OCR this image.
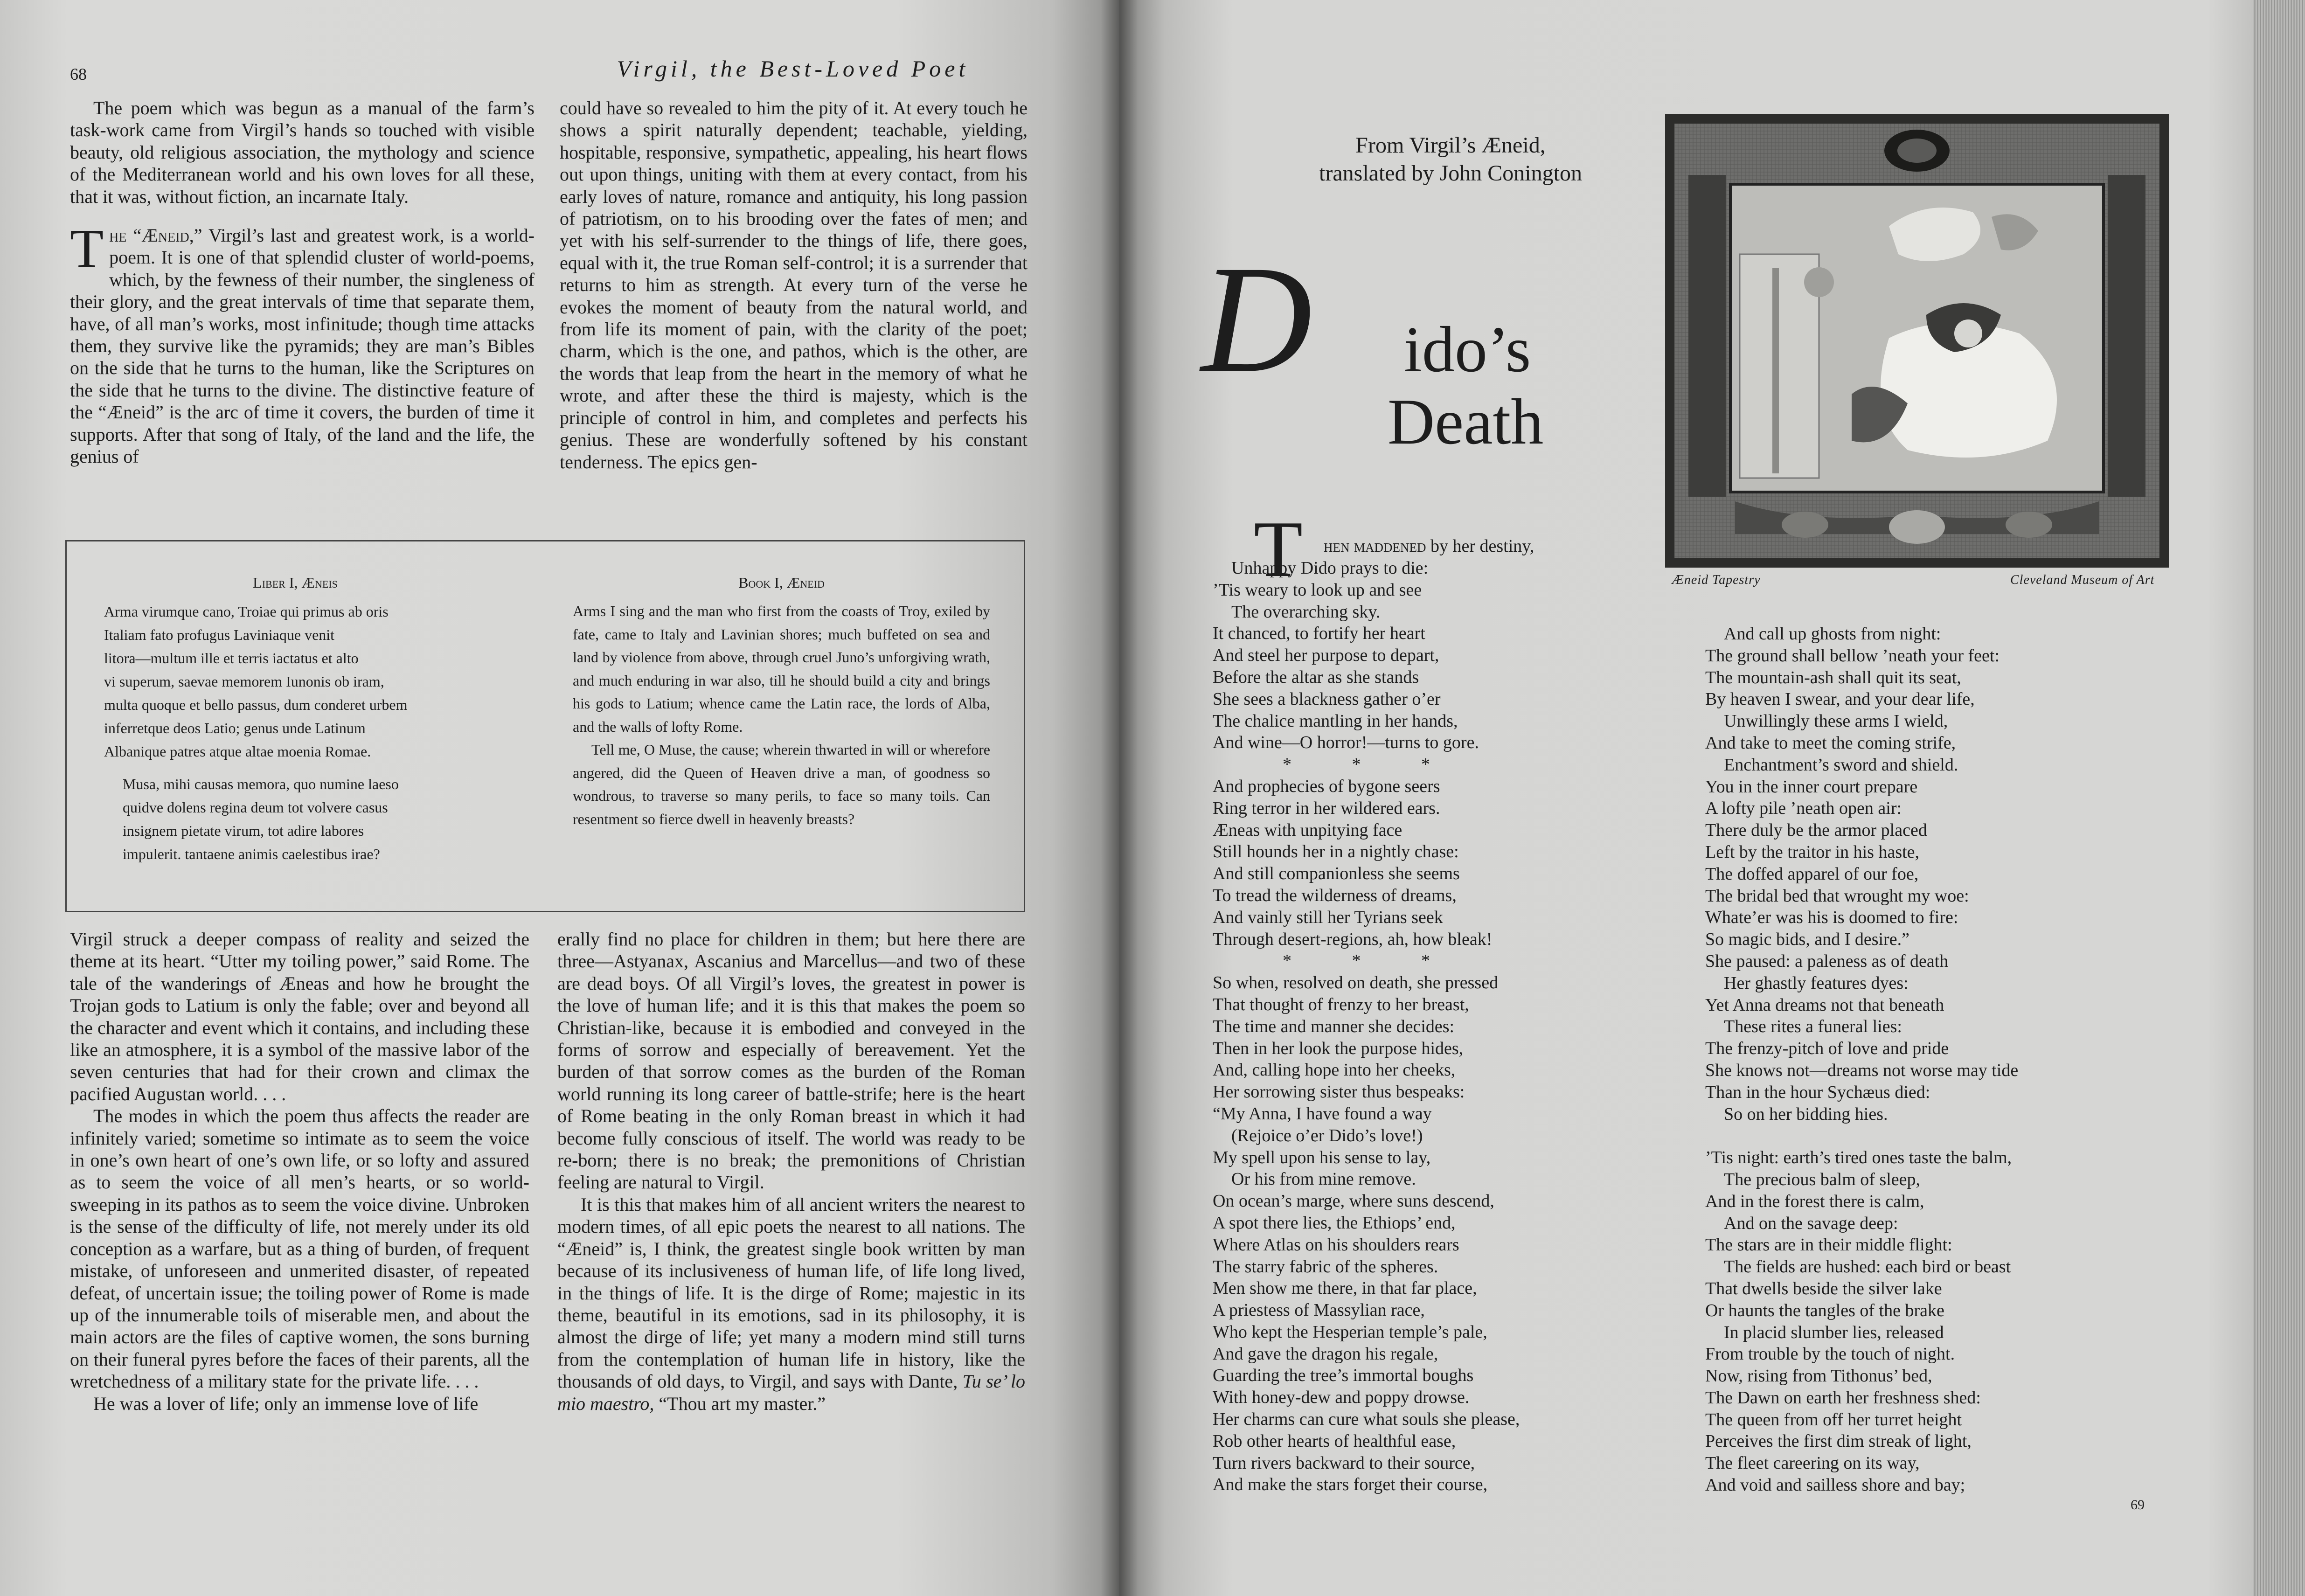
68	Virgil, the Best-Loved Poet

The poem which was begun as a manual of the farm’s task-work came from Virgil’s hands so touched with visible beauty, old religious association, the mythology and science of the Mediterranean world and his own loves for all these, that it was, without fiction, an incarnate Italy.

T he “Æneid,” Virgil’s last and greatest work, is a world-poem. It is one of that splendid cluster of world-poems, which, by the fewness of their number, the singleness of their glory, and the great intervals of time that separate them, have, of all man’s works, most infinitude; though time attacks them, they survive like the pyramids; they are man’s Bibles on the side that he turns to the human, like the Scriptures on the side that he turns to the divine. The distinctive feature of the “Æneid” is the arc of time it covers, the burden of time it supports. After that song of Italy, of the land and the life, the genius of

could have so revealed to him the pity of it. At every touch he shows a spirit naturally dependent; teachable, yielding, hospitable, responsive, sympathetic, appealing, his heart flows out upon things, uniting with them at every contact, from his early loves of nature, romance and antiquity, his long passion of patriotism, on to his brooding over the fates of men; and yet with his self-surrender to the things of life, there goes, equal with it, the true Roman self-control; it is a surrender that returns to him as strength. At every turn of the verse he evokes the moment of beauty from the natural world, and from life its moment of pain, with the clarity of the poet; charm, which is the one, and pathos, which is the other, are the words that leap from the heart in the memory of what he wrote, and after these the third is majesty, which is the principle of control in him, and completes and perfects his genius. These are wonderfully softened by his constant tenderness. The epics gen-

Liber I, Æneis
Arma virumque cano, Troiae qui primus ab oris
Italiam fato profugus Laviniaque venit
litora—multum ille et terris iactatus et alto
vi superum, saevae memorem Iunonis ob iram,
multa quoque et bello passus, dum conderet urbem
inferretque deos Latio; genus unde Latinum
Albanique patres atque altae moenia Romae.
Musa, mihi causas memora, quo numine laeso
quidve dolens regina deum tot volvere casus
insignem pietate virum, tot adire labores
impulerit. tantaene animis caelestibus irae?
Book I, Æneid

Arms I sing and the man who first from the coasts of Troy, exiled by fate, came to Italy and Lavinian shores; much buffeted on sea and land by violence from above, through cruel Juno’s unforgiving wrath, and much enduring in war also, till he should build a city and brings his gods to Latium; whence came the Latin race, the lords of Alba, and the walls of lofty Rome.

Tell me, O Muse, the cause; wherein thwarted in will or wherefore angered, did the Queen of Heaven drive a man, of goodness so wondrous, to traverse so many perils, to face so many toils. Can resentment so fierce dwell in heavenly breasts?

Virgil struck a deeper compass of reality and seized the theme at its heart. “Utter my toiling power,” said Rome. The tale of the wanderings of Æneas and how he brought the Trojan gods to Latium is only the fable; over and beyond all the character and event which it contains, and including these like an atmosphere, it is a symbol of the massive labor of the seven centuries that had for their crown and climax the pacified Augustan world. . . .

The modes in which the poem thus affects the reader are infinitely varied; sometime so intimate as to seem the voice in one’s own heart of one’s own life, or so lofty and assured as to seem the voice of all men’s hearts, or so world-sweeping in its pathos as to seem the voice divine. Unbroken is the sense of the difficulty of life, not merely under its old conception as a warfare, but as a thing of burden, of frequent mistake, of unforeseen and unmerited disaster, of repeated defeat, of uncertain issue; the toiling power of Rome is made up of the innumerable toils of miserable men, and about the main actors are the files of captive women, the sons burning on their funeral pyres before the faces of their parents, all the wretchedness of a military state for the private life. . . .

He was a lover of life; only an immense love of life

erally find no place for children in them; but here there are three—Astyanax, Ascanius and Marcellus—and two of these are dead boys. Of all Virgil’s loves, the greatest in power is the love of human life; and it is this that makes the poem so Christian-like, because it is embodied and conveyed in the forms of sorrow and especially of bereavement. Yet the burden of that sorrow comes as the burden of the Roman world running its long career of battle-strife; here is the heart of Rome beating in the only Roman breast in which it had become fully conscious of itself. The world was ready to be re-born; there is no break; the premonitions of Christian feeling are natural to Virgil.

It is this that makes him of all ancient writers the nearest to modern times, of all epic poets the nearest to all nations. The “Æneid” is, I think, the greatest single book written by man because of its inclusiveness of human life, of life long lived, in the things of life. It is the dirge of Rome; majestic in its theme, beautiful in its emotions, sad in its philosophy, it is almost the dirge of life; yet many a modern mind still turns from the contemplation of human life in history, like the thousands of old days, to Virgil, and says with Dante, Tu se’ lo mio maestro, “Thou art my master.”

From Virgil’s Æneid,
translated by John Conington
D ido’s
Death
Æneid Tapestry	Cleveland Museum of Art
T hen maddened by her destiny,
Unhappy Dido prays to die:
’Tis weary to look up and see
The overarching sky.
It chanced, to fortify her heart
And steel her purpose to depart,
Before the altar as she stands
She sees a blackness gather o’er
The chalice mantling in her hands,
And wine—O horror!—turns to gore.
* * *
And prophecies of bygone seers
Ring terror in her wildered ears.
Æneas with unpitying face
Still hounds her in a nightly chase:
And still companionless she seems
To tread the wilderness of dreams,
And vainly still her Tyrians seek
Through desert-regions, ah, how bleak!
* * *
So when, resolved on death, she pressed
That thought of frenzy to her breast,
The time and manner she decides:
Then in her look the purpose hides,
And, calling hope into her cheeks,
Her sorrowing sister thus bespeaks:
“My Anna, I have found a way
(Rejoice o’er Dido’s love!)
My spell upon his sense to lay,
Or his from mine remove.
On ocean’s marge, where suns descend,
A spot there lies, the Ethiops’ end,
Where Atlas on his shoulders rears
The starry fabric of the spheres.
Men show me there, in that far place,
A priestess of Massylian race,
Who kept the Hesperian temple’s pale,
And gave the dragon his regale,
Guarding the tree’s immortal boughs
With honey-dew and poppy drowse.
Her charms can cure what souls she please,
Rob other hearts of healthful ease,
Turn rivers backward to their source,
And make the stars forget their course,
And call up ghosts from night:
The ground shall bellow ’neath your feet:
The mountain-ash shall quit its seat,
By heaven I swear, and your dear life,
Unwillingly these arms I wield,
And take to meet the coming strife,
Enchantment’s sword and shield.
You in the inner court prepare
A lofty pile ’neath open air:
There duly be the armor placed
Left by the traitor in his haste,
The doffed apparel of our foe,
The bridal bed that wrought my woe:
Whate’er was his is doomed to fire:
So magic bids, and I desire.”
She paused: a paleness as of death
Her ghastly features dyes:
Yet Anna dreams not that beneath
These rites a funeral lies:
The frenzy-pitch of love and pride
She knows not—dreams not worse may tide
Than in the hour Sychæus died:
So on her bidding hies.

’Tis night: earth’s tired ones taste the balm,
The precious balm of sleep,
And in the forest there is calm,
And on the savage deep:
The stars are in their middle flight:
The fields are hushed: each bird or beast
That dwells beside the silver lake
Or haunts the tangles of the brake
In placid slumber lies, released
From trouble by the touch of night.
Now, rising from Tithonus’ bed,
The Dawn on earth her freshness shed:
The queen from off her turret height
Perceives the first dim streak of light,
The fleet careering on its way,
And void and sailless shore and bay;
69
